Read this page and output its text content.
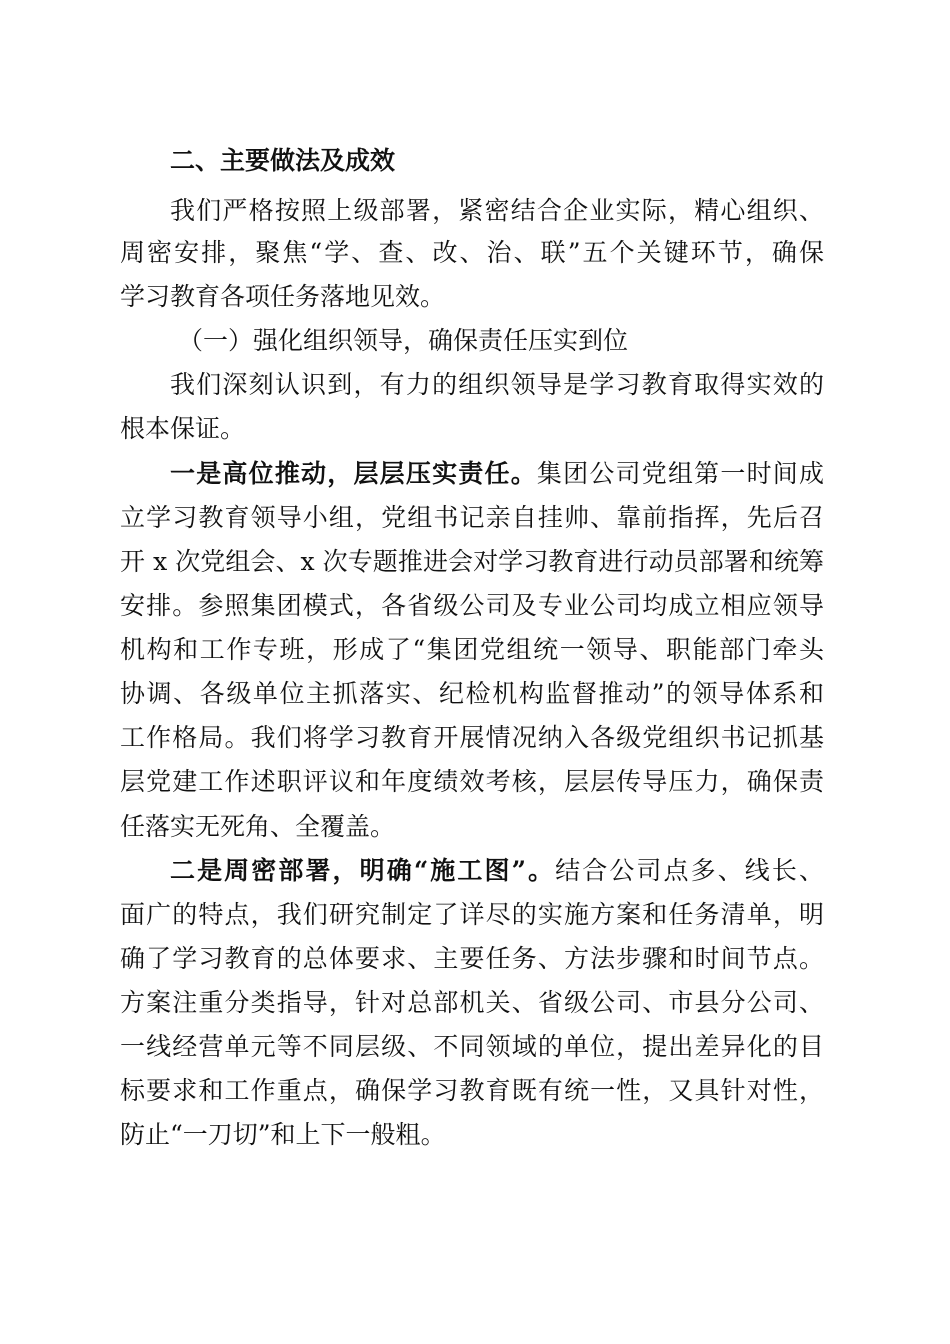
二、主要做法及成效
我们严格按照上级部署，紧密结合企业实际，精心组织、
周密安排，聚焦“学、查、改、治、联”五个关键环节，确保
学习教育各项任务落地见效。
（一）强化组织领导，确保责任压实到位
我们深刻认识到，有力的组织领导是学习教育取得实效的
根本保证。
一是高位推动，层层压实责任。集团公司党组第一时间成
立学习教育领导小组，党组书记亲自挂帅、靠前指挥，先后召
开 x 次党组会、x 次专题推进会对学习教育进行动员部署和统筹
安排。参照集团模式，各省级公司及专业公司均成立相应领导
机构和工作专班，形成了“集团党组统一领导、职能部门牵头
协调、各级单位主抓落实、纪检机构监督推动”的领导体系和
工作格局。我们将学习教育开展情况纳入各级党组织书记抓基
层党建工作述职评议和年度绩效考核，层层传导压力，确保责
任落实无死角、全覆盖。
二是周密部署，明确“施工图”。结合公司点多、线长、
面广的特点，我们研究制定了详尽的实施方案和任务清单，明
确了学习教育的总体要求、主要任务、方法步骤和时间节点。
方案注重分类指导，针对总部机关、省级公司、市县分公司、
一线经营单元等不同层级、不同领域的单位，提出差异化的目
标要求和工作重点，确保学习教育既有统一性，又具针对性，
防止“一刀切”和上下一般粗。
